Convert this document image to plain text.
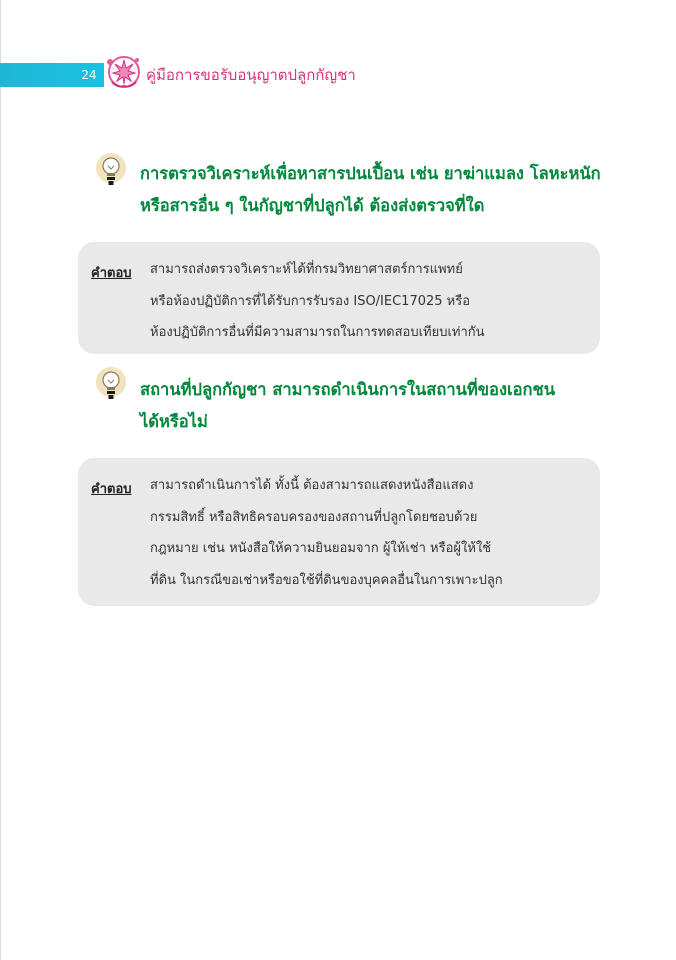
24	คู่มือการขอรับอนุญาตปลูกกัญชา
การตรวจวิเคราะห์เพื่อหาสารปนเปื้อน เช่น ยาฆ่าแมลง โลหะหนัก
หรือสารอื่น ๆ ในกัญชาที่ปลูกได้ ต้องส่งตรวจที่ใด
คำตอบ สามารถส่งตรวจวิเคราะห์ได้ที่กรมวิทยาศาสตร์การแพทย์
หรือห้องปฏิบัติการที่ได้รับการรับรอง ISO/IEC17025 หรือ
ห้องปฏิบัติการอื่นที่มีความสามารถในการทดสอบเทียบเท่ากัน
สถานที่ปลูกกัญชา สามารถดำเนินการในสถานที่ของเอกชน
ได้หรือไม่
คำตอบ สามารถดำเนินการได้ ทั้งนี้ ต้องสามารถแสดงหนังสือแสดง
กรรมสิทธิ์ หรือสิทธิครอบครองของสถานที่ปลูกโดยชอบด้วย
กฎหมาย เช่น หนังสือให้ความยินยอมจาก ผู้ให้เช่า หรือผู้ให้ใช้
ที่ดิน ในกรณีขอเช่าหรือขอใช้ที่ดินของบุคคลอื่นในการเพาะปลูก
